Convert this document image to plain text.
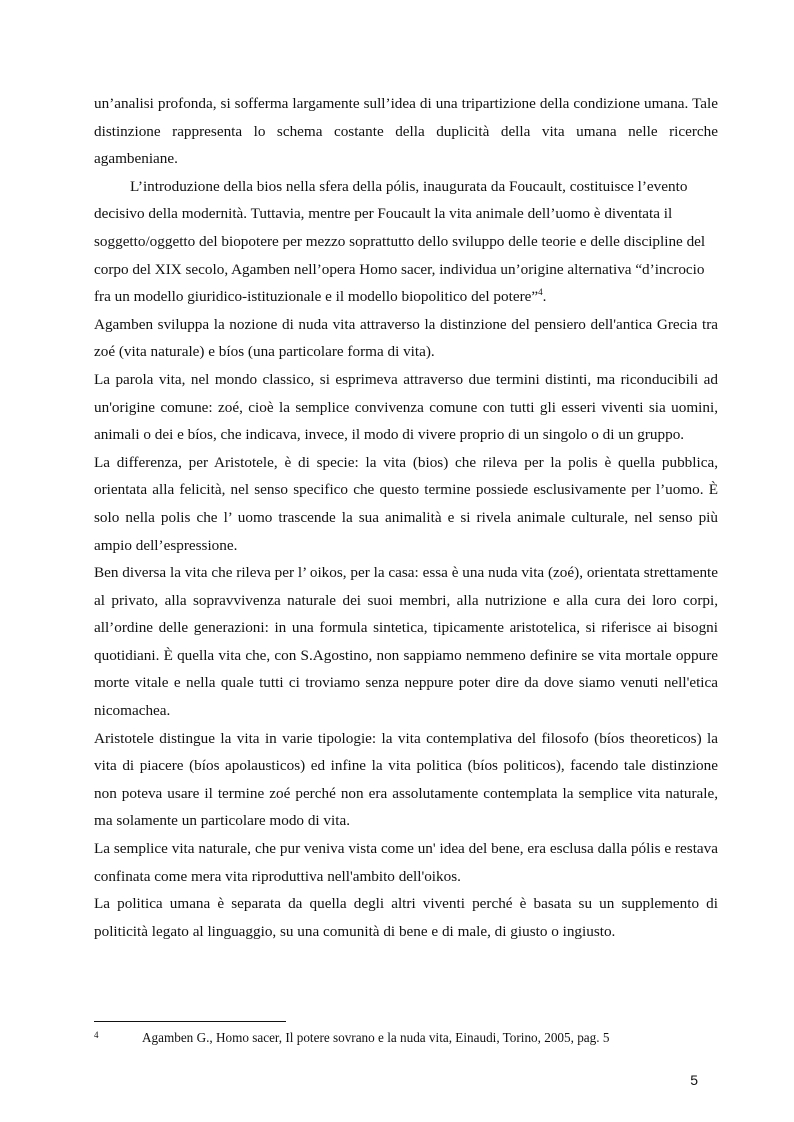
un’analisi profonda, si sofferma largamente sull’idea di una tripartizione della condizione umana. Tale distinzione rappresenta lo schema costante della duplicità della vita umana nelle ricerche agambeniane.

L’introduzione della bios nella sfera della pólis, inaugurata da Foucault, costituisce l’evento decisivo della modernità. Tuttavia, mentre per Foucault la vita animale dell’uomo è diventata il soggetto/oggetto del biopotere per mezzo soprattutto dello sviluppo delle teorie e delle discipline del corpo del XIX secolo, Agamben nell’opera Homo sacer, individua un’origine alternativa “d’incrocio fra un modello giuridico-istituzionale e il modello biopolitico del potere”$^4$.

Agamben sviluppa la nozione di nuda vita attraverso la distinzione del pensiero dell'antica Grecia tra zoé (vita naturale) e bíos (una particolare forma di vita).

La parola vita, nel mondo classico, si esprimeva attraverso due termini distinti, ma riconducibili ad un'origine comune: zoé, cioè la semplice convivenza comune con tutti gli esseri viventi sia uomini, animali o dei e bíos, che indicava, invece, il modo di vivere proprio di un singolo o di un gruppo.

La differenza, per Aristotele, è di specie: la vita (bios) che rileva per la polis è quella pubblica, orientata alla felicità, nel senso specifico che questo termine possiede esclusivamente per l’uomo. È solo nella polis che l’ uomo trascende la sua animalità e si rivela animale culturale, nel senso più ampio dell’espressione.

Ben diversa la vita che rileva per l’ oikos, per la casa: essa è una nuda vita (zoé), orientata strettamente al privato, alla sopravvivenza naturale dei suoi membri, alla nutrizione e alla cura dei loro corpi, all’ordine delle generazioni: in una formula sintetica, tipicamente aristotelica, si riferisce ai bisogni quotidiani. È quella vita che, con S.Agostino, non sappiamo nemmeno definire se vita mortale oppure morte vitale e nella quale tutti ci troviamo senza neppure poter dire da dove siamo venuti nell'etica nicomachea.

Aristotele distingue la vita in varie tipologie: la vita contemplativa del filosofo (bíos theoreticos) la vita di piacere (bíos apolausticos) ed infine la vita politica (bíos politicos), facendo tale distinzione non poteva usare il termine zoé perché non era assolutamente contemplata la semplice vita naturale, ma solamente un particolare modo di vita.

La semplice vita naturale, che pur veniva vista come un' idea del bene, era esclusa dalla pólis e restava confinata come mera vita riproduttiva nell'ambito dell'oikos.

La politica umana è separata da quella degli altri viventi perché è basata su un supplemento di politicità legato al linguaggio, su una comunità di bene e di male, di giusto o ingiusto.

4	Agamben G., Homo sacer, Il potere sovrano e la nuda vita, Einaudi, Torino, 2005, pag. 5
5
